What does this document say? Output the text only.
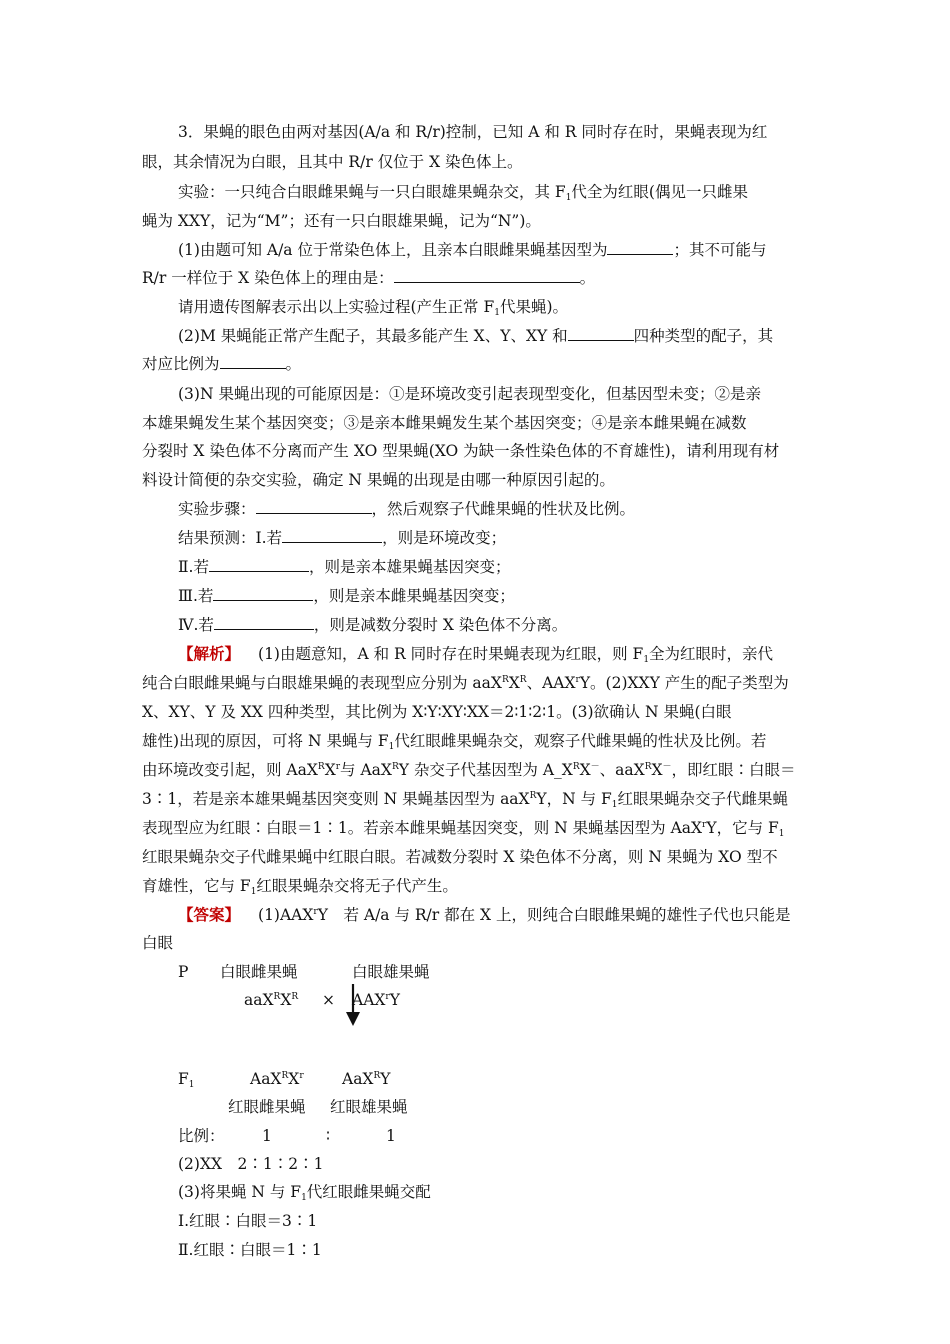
3．果蝇的眼色由两对基因(A/a 和 R/r)控制，已知 A 和 R 同时存在时，果蝇表现为红
眼，其余情况为白眼，且其中 R/r 仅位于 X 染色体上。
实验：一只纯合白眼雌果蝇与一只白眼雄果蝇杂交，其 $F_1$代全为红眼(偶见一只雌果
蝇为 XXY，记为“M”；还有一只白眼雄果蝇，记为“N”)。
(1)由题可知 A/a 位于常染色体上，且亲本白眼雌果蝇基因型为	；其不可能与
R/r 一样位于 X 染色体上的理由是：	。
请用遗传图解表示出以上实验过程(产生正常 $F_1$代果蝇)。
(2)M 果蝇能正常产生配子，其最多能产生 X、Y、XY 和	四种类型的配子，其
对应比例为	。
(3)N 果蝇出现的可能原因是：①是环境改变引起表现型变化，但基因型未变；②是亲
本雄果蝇发生某个基因突变；③是亲本雌果蝇发生某个基因突变；④是亲本雌果蝇在减数
分裂时 X 染色体不分离而产生 XO 型果蝇(XO 为缺一条性染色体的不育雄性)，请利用现有材
料设计简便的杂交实验，确定 N 果蝇的出现是由哪一种原因引起的。
实验步骤：	，然后观察子代雌果蝇的性状及比例。
结果预测：Ⅰ.若	，则是环境改变；
Ⅱ.若	，则是亲本雄果蝇基因突变；
Ⅲ.若	，则是亲本雌果蝇基因突变；
Ⅳ.若	，则是减数分裂时 X 染色体不分离。
【解析】 (1)由题意知，A 和 R 同时存在时果蝇表现为红眼，则 $F_1$全为红眼时，亲代
纯合白眼雌果蝇与白眼雄果蝇的表现型应分别为 $aaX^RX^R$、AAX$^r$Y。(2)XXY 产生的配子类型为
X、XY、Y 及 XX 四种类型，其比例为 X∶Y∶XY∶XX＝2∶1∶2∶1。(3)欲确认 N 果蝇(白眼
雄性)出现的原因，可将 N 果蝇与 $F_1$代红眼雌果蝇杂交，观察子代雌果蝇的性状及比例。若
由环境改变引起，则 $AaX^RX^r$与 AaX$^R$Y 杂交子代基因型为 $A\_X^RX^-$、aaX$^R$X－，即红眼∶白眼＝
3∶1，若是亲本雄果蝇基因突变则 N 果蝇基因型为 aaX$^R$Y，N 与 $F_1$红眼果蝇杂交子代雌果蝇
表现型应为红眼∶白眼＝1∶1。若亲本雌果蝇基因突变，则 N 果蝇基因型为 AaX$^r$Y，它与 $F_1$
红眼果蝇杂交子代雌果蝇中红眼白眼。若减数分裂时 X 染色体不分离，则 N 果蝇为 XO 型不
育雄性，它与 $F_1$红眼果蝇杂交将无子代产生。
【答案】 (1)AAX$^r$Y　若 A/a 与 R/r 都在 X 上，则纯合白眼雌果蝇的雄性子代也只能是
白眼
P 白眼雌果蝇	白眼雄果蝇
$aaX^RX^R \times AAX^rY$
$F_1$	$AaX^RX^r$ AaX$^R$Y
红眼雌果蝇 红眼雄果蝇
比例： 1	∶	1
(2)XX　2∶1∶2∶1
(3)将果蝇 N 与 $F_1$代红眼雌果蝇交配
Ⅰ.红眼∶白眼＝3∶1
Ⅱ.红眼∶白眼＝1∶1
